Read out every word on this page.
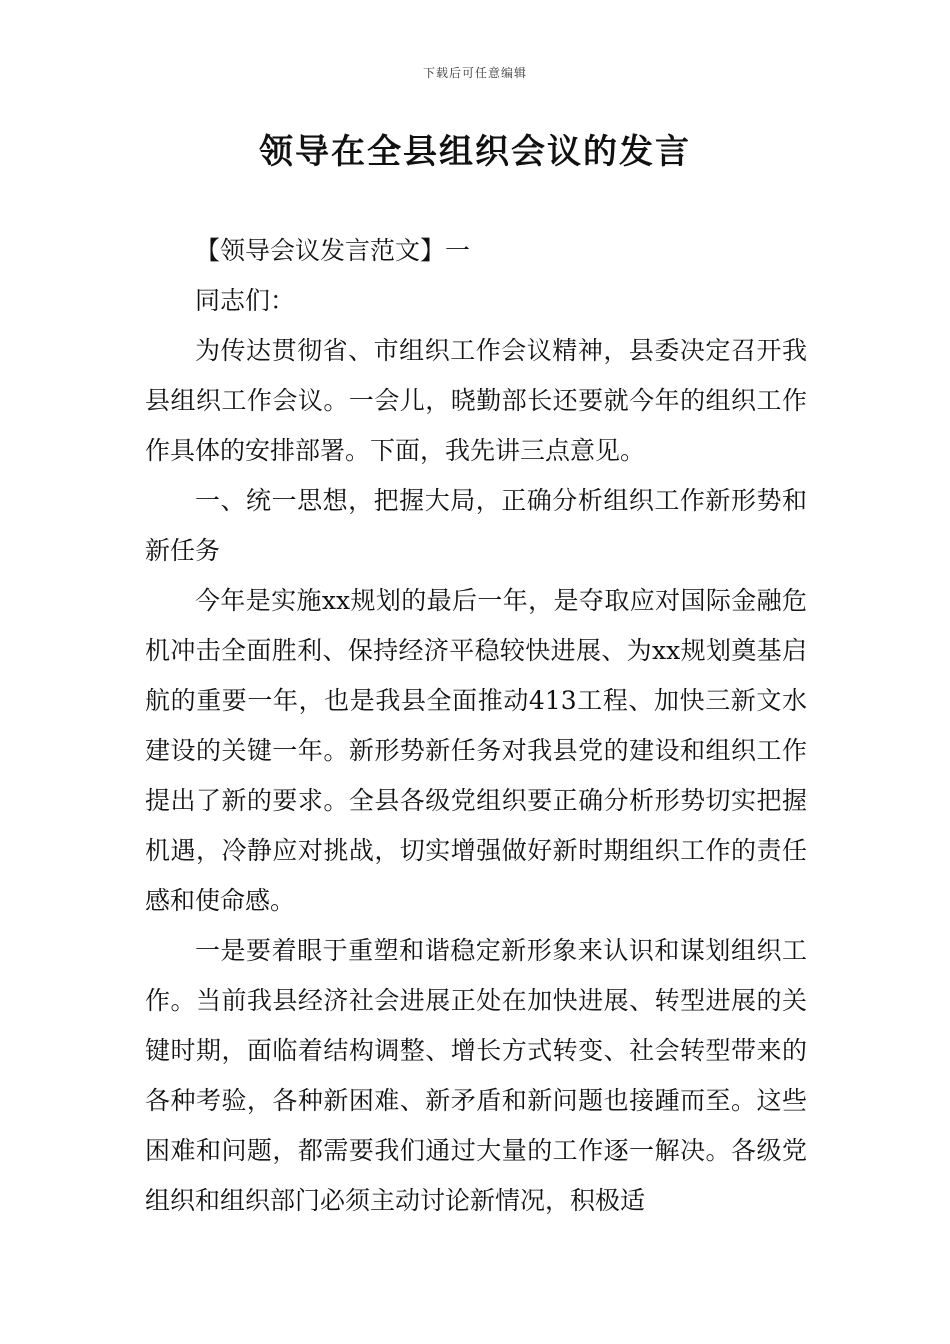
下载后可任意编辑
领导在全县组织会议的发言

【领导会议发言范文】一

同志们：

为传达贯彻省、市组织工作会议精神，县委决定召开我县组织工作会议。一会儿，晓勤部长还要就今年的组织工作作具体的安排部署。下面，我先讲三点意见。

一、统一思想，把握大局，正确分析组织工作新形势和新任务

今年是实施xx规划的最后一年，是夺取应对国际金融危机冲击全面胜利、保持经济平稳较快进展、为xx规划奠基启航的重要一年，也是我县全面推动413工程、加快三新文水建设的关键一年。新形势新任务对我县党的建设和组织工作提出了新的要求。全县各级党组织要正确分析形势切实把握机遇，冷静应对挑战，切实增强做好新时期组织工作的责任感和使命感。

一是要着眼于重塑和谐稳定新形象来认识和谋划组织工作。当前我县经济社会进展正处在加快进展、转型进展的关键时期，面临着结构调整、增长方式转变、社会转型带来的各种考验，各种新困难、新矛盾和新问题也接踵而至。这些困难和问题，都需要我们通过大量的工作逐一解决。各级党组织和组织部门必须主动讨论新情况，积极适
